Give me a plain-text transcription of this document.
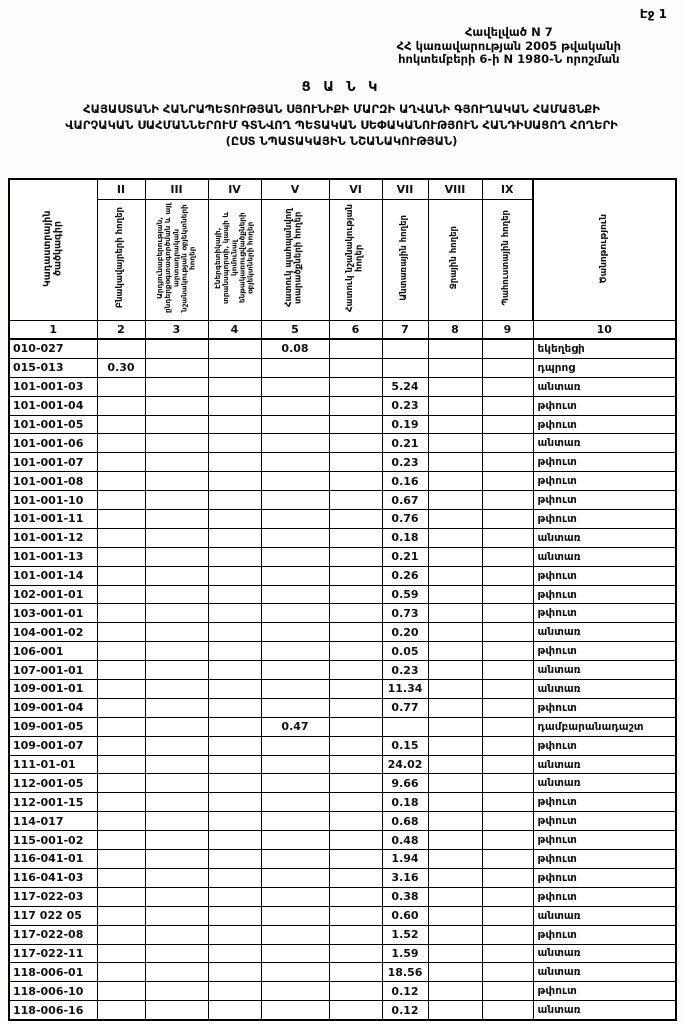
Էջ 1
Հավելված N 7
ՀՀ կառավարության 2005 թվականի
հոկտեմբերի 6-ի N 1980-Ն որոշման
Ց Ա Ն Կ
ՀԱՅԱՍՏԱՆԻ ՀԱՆՐԱՊԵՏՈՒԹՅԱՆ ՍՅՈՒՆԻՔԻ ՄԱՐԶԻ ԱՂՎԱՆԻ ԳՅՈՒՂԱԿԱՆ ՀԱՄԱՅՆՔԻ
ՎԱՐՉԱԿԱՆ ՍԱՀՄԱՆՆԵՐՈՒՄ ԳՏՆՎՈՂ ՊԵՏԱԿԱՆ ՍԵՓԱԿԱՆՈՒԹՅՈՒՆ ՀԱՆԴԻՍԱՑՈՂ ՀՈՂԵՐԻ
(ԸՍՏ ՆՊԱՏԱԿԱՅԻՆ ՆՇԱՆԱԿՈՒԹՅԱՆ)
Կադաստրային ծածկագիր	II	III	IV	V	VI	VII	VIII	IX	Ծանոթություն
	Բնակավայրերի հողեր	Արդյունաբերության, ընդերքօգտագործման և այլ արտադրական նշանակության օբյեկտների հողեր	Էներգետիկայի, տրանսպորտի, կապի և կոմունալ ենթակառուցվածքների օբյեկտների հողեր	Հատուկ պահպանվող տարածքների հողեր	Հատուկ նշանակության հողեր	Անտառային հողեր	Ջրային հողեր	Պահուստային հողեր	
1	2	3	4	5	6	7	8	9	10
010-027				0.08					եկեղեցի
015-013	0.30								դպրոց
101-001-03						5.24			անտառ
101-001-04						0.23			թփուտ
101-001-05						0.19			թփուտ
101-001-06						0.21			անտառ
101-001-07						0.23			թփուտ
101-001-08						0.16			թփուտ
101-001-10						0.67			թփուտ
101-001-11						0.76			թփուտ
101-001-12						0.18			անտառ
101-001-13						0.21			անտառ
101-001-14						0.26			թփուտ
102-001-01						0.59			թփուտ
103-001-01						0.73			թփուտ
104-001-02						0.20			անտառ
106-001						0.05			թփուտ
107-001-01						0.23			անտառ
109-001-01						11.34			անտառ
109-001-04						0.77			թփուտ
109-001-05				0.47					դամբարանադաշտ
109-001-07						0.15			թփուտ
111-01-01						24.02			անտառ
112-001-05						9.66			անտառ
112-001-15						0.18			թփուտ
114-017						0.68			թփուտ
115-001-02						0.48			թփուտ
116-041-01						1.94			թփուտ
116-041-03						3.16			թփուտ
117-022-03						0.38			թփուտ
117 022 05						0.60			անտառ
117-022-08						1.52			թփուտ
117-022-11						1.59			անտառ
118-006-01						18.56			անտառ
118-006-10						0.12			թփուտ
118-006-16						0.12			անտառ
